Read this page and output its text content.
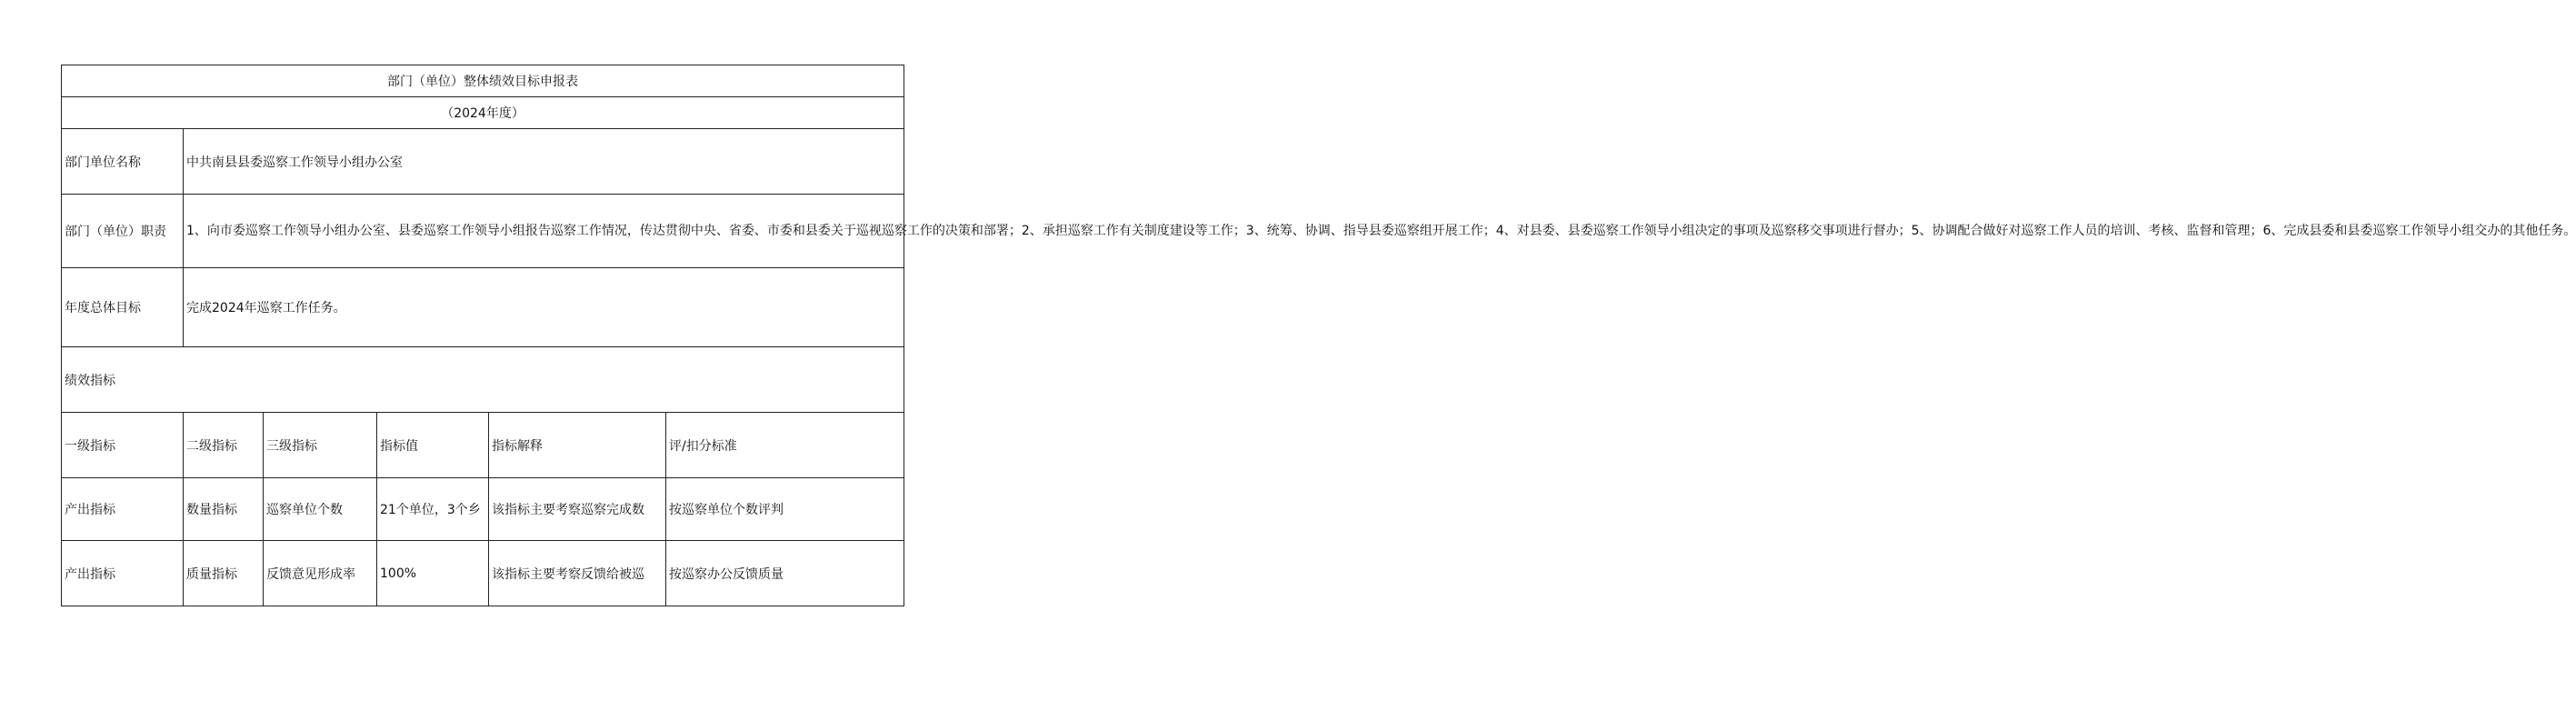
部门（单位）整体绩效目标申报表					
（2024年度）					
部门单位名称	中共南县县委巡察工作领导小组办公室				
部门（单位）职责	1、向市委巡察工作领导小组办公室、县委巡察工作领导小组报告巡察工作情况，传达贯彻中央、省委、市委和县委关于巡视巡察工作的决策和部署；2、承担巡察工作有关制度建设等工作；3、统筹、协调、指导县委巡察组开展工作；4、对县委、县委巡察工作领导小组决定的事项及巡察移交事项进行督办；5、协调配合做好对巡察工作人员的培训、考核、监督和管理；6、完成县委和县委巡察工作领导小组交办的其他任务。				
年度总体目标	完成2024年巡察工作任务。				
绩效指标					
一级指标	二级指标	三级指标	指标值	指标解释	评/扣分标准
产出指标	数量指标	巡察单位个数	21个单位，3个乡	该指标主要考察巡察完成数	按巡察单位个数评判
产出指标	质量指标	反馈意见形成率	100%	该指标主要考察反馈给被巡	按巡察办公反馈质量
